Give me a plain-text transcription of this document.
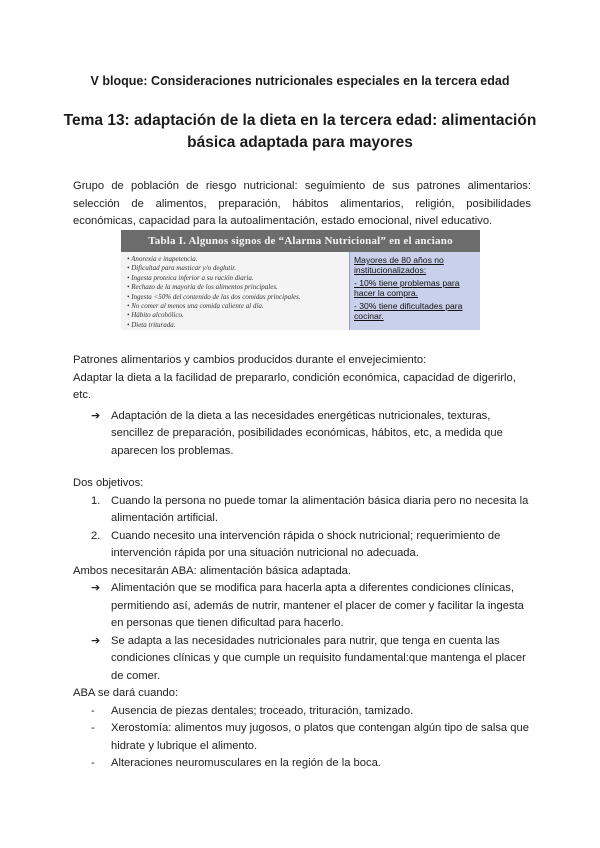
V bloque: Consideraciones nutricionales especiales en la tercera edad
Tema 13: adaptación de la dieta en la tercera edad: alimentación básica adaptada para mayores
Grupo de población de riesgo nutricional: seguimiento de sus patrones alimentarios: selección de alimentos, preparación, hábitos alimentarios, religión, posibilidades económicas, capacidad para la autoalimentación, estado emocional, nivel educativo.
Tabla I. Algunos signos de “Alarma Nutricional” en el anciano
• Anorexia e inapetencia.
• Dificultad para masticar y/o deglutir.
• Ingesta proteica inferior a su ración diaria.
• Rechazo de la mayoría de los alimentos principales.
• Ingesta <50% del contenido de las dos comidas principales.
• No comer al menos una comida caliente al día.
• Hábito alcohólico.
• Dieta triturada.

Mayores de 80 años no institucionalizados:

- 10% tiene problemas para hacer la compra.

- 30% tiene dificultades para cocinar.

Patrones alimentarios y cambios producidos durante el envejecimiento:

Adaptar la dieta a la facilidad de prepararlo, condición económica, capacidad de digerirlo, etc.

➔ Adaptación de la dieta a las necesidades energéticas nutricionales, texturas, sencillez de preparación, posibilidades económicas, hábitos, etc, a medida que aparecen los problemas.

Dos objetivos:

1. Cuando la persona no puede tomar la alimentación básica diaria pero no necesita la alimentación artificial.
2. Cuando necesito una intervención rápida o shock nutricional; requerimiento de intervención rápida por una situación nutricional no adecuada.

Ambos necesitarán ABA: alimentación básica adaptada.

➔ Alimentación que se modifica para hacerla apta a diferentes condiciones clínicas, permitiendo así, además de nutrir, mantener el placer de comer y facilitar la ingesta en personas que tienen dificultad para hacerlo.
➔ Se adapta a las necesidades nutricionales para nutrir, que tenga en cuenta las condiciones clínicas y que cumple un requisito fundamental:que mantenga el placer de comer.

ABA se dará cuando:

- Ausencia de piezas dentales; troceado, trituración, tamizado.
- Xerostomía: alimentos muy jugosos, o platos que contengan algún tipo de salsa que hidrate y lubrique el alimento.
- Alteraciones neuromusculares en la región de la boca.
